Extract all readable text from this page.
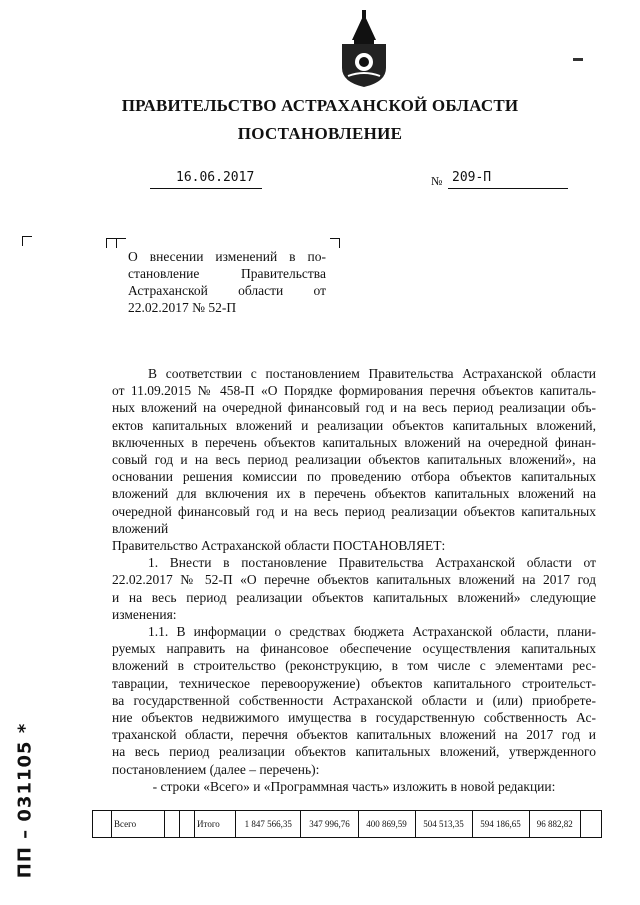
ПРАВИТЕЛЬСТВО АСТРАХАНСКОЙ ОБЛАСТИ
ПОСТАНОВЛЕНИЕ
16.06.2017	№ 209-П
О внесении изменений в по-
становление Правительства
Астраханской области от
22.02.2017 № 52-П
В соответствии с постановлением Правительства Астраханской области
от 11.09.2015 № 458-П «О Порядке формирования перечня объектов капиталь-
ных вложений на очередной финансовый год и на весь период реализации объ-
ектов капитальных вложений и реализации объектов капитальных вложений,
включенных в перечень объектов капитальных вложений на очередной финан-
совый год и на весь период реализации объектов капитальных вложений», на
основании решения комиссии по проведению отбора объектов капитальных
вложений для включения их в перечень объектов капитальных вложений на
очередной финансовый год и на весь период реализации объектов капитальных
вложений
Правительство Астраханской области ПОСТАНОВЛЯЕТ:
1. Внести в постановление Правительства Астраханской области от
22.02.2017 № 52-П «О перечне объектов капитальных вложений на 2017 год
и на весь период реализации объектов капитальных вложений» следующие
изменения:
1.1. В информации о средствах бюджета Астраханской области, плани-
руемых направить на финансовое обеспечение осуществления капитальных
вложений в строительство (реконструкцию, в том числе с элементами рес-
таврации, техническое перевооружение) объектов капитального строительст-
ва государственной собственности Астраханской области и (или) приобрете-
ние объектов недвижимого имущества в государственную собственность Ас-
траханской области, перечня объектов капитальных вложений на 2017 год и
на весь период реализации объектов капитальных вложений, утвержденного
постановлением (далее – перечень):
- строки «Всего» и «Программная часть» изложить в новой редакции:
ПП – 031105 *
		Всего			Итого	1 847 566,35	347 996,76	400 869,59	504 513,35	594 186,65	96 882,82	
